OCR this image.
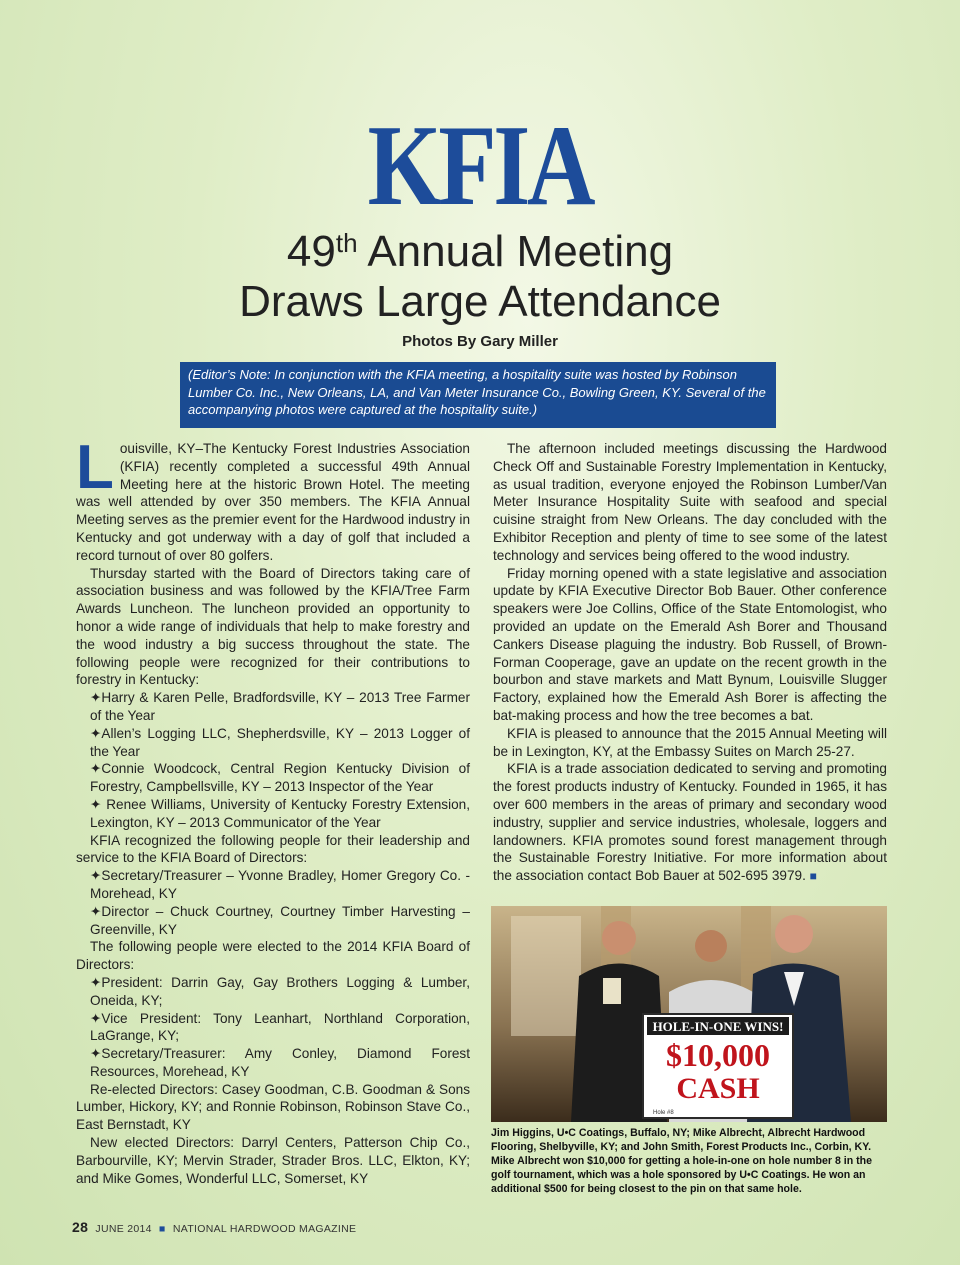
KFIA
49th Annual Meeting
Draws Large Attendance
Photos By Gary Miller
(Editor’s Note: In conjunction with the KFIA meeting, a hospitality suite was hosted by Robinson Lumber Co. Inc., New Orleans, LA, and Van Meter Insurance Co., Bowling Green, KY. Several of the accompanying photos were captured at the hospitality suite.)

Louisville, KY–The Kentucky Forest Industries Association (KFIA) recently completed a successful 49th Annual Meeting here at the historic Brown Hotel. The meeting was well attended by over 350 members. The KFIA Annual Meeting serves as the premier event for the Hardwood industry in Kentucky and got underway with a day of golf that included a record turnout of over 80 golfers.

Thursday started with the Board of Directors taking care of association business and was followed by the KFIA/Tree Farm Awards Luncheon. The luncheon provided an opportunity to honor a wide range of individuals that help to make forestry and the wood industry a big success throughout the state. The following people were recognized for their contributions to forestry in Kentucky:

✦Harry & Karen Pelle, Bradfordsville, KY – 2013 Tree Farmer of the Year

✦Allen’s Logging LLC, Shepherdsville, KY – 2013 Logger of the Year

✦Connie Woodcock, Central Region Kentucky Division of Forestry, Campbellsville, KY – 2013 Inspector of the Year

✦ Renee Williams, University of Kentucky Forestry Extension, Lexington, KY – 2013 Communicator of the Year

KFIA recognized the following people for their leadership and service to the KFIA Board of Directors:

✦Secretary/Treasurer – Yvonne Bradley, Homer Gregory Co. - Morehead, KY

✦Director – Chuck Courtney, Courtney Timber Harvesting – Greenville, KY

The following people were elected to the 2014 KFIA Board of Directors:

✦President: Darrin Gay, Gay Brothers Logging & Lumber, Oneida, KY;

✦Vice President: Tony Leanhart, Northland Corporation, LaGrange, KY;

✦Secretary/Treasurer: Amy Conley, Diamond Forest Resources, Morehead, KY

Re-elected Directors: Casey Goodman, C.B. Goodman & Sons Lumber, Hickory, KY; and Ronnie Robinson, Robinson Stave Co., East Bernstadt, KY

New elected Directors: Darryl Centers, Patterson Chip Co., Barbourville, KY; Mervin Strader, Strader Bros. LLC, Elkton, KY; and Mike Gomes, Wonderful LLC, Somerset, KY

The afternoon included meetings discussing the Hardwood Check Off and Sustainable Forestry Implementation in Kentucky, as usual tradition, everyone enjoyed the Robinson Lumber/Van Meter Insurance Hospitality Suite with seafood and special cuisine straight from New Orleans. The day concluded with the Exhibitor Reception and plenty of time to see some of the latest technology and services being offered to the wood industry.

Friday morning opened with a state legislative and association update by KFIA Executive Director Bob Bauer. Other conference speakers were Joe Collins, Office of the State Entomologist, who provided an update on the Emerald Ash Borer and Thousand Cankers Disease plaguing the industry. Bob Russell, of Brown-Forman Cooperage, gave an update on the recent growth in the bourbon and stave markets and Matt Bynum, Louisville Slugger Factory, explained how the Emerald Ash Borer is affecting the bat-making process and how the tree becomes a bat.

KFIA is pleased to announce that the 2015 Annual Meeting will be in Lexington, KY, at the Embassy Suites on March 25-27.

KFIA is a trade association dedicated to serving and promoting the forest products industry of Kentucky. Founded in 1965, it has over 600 members in the areas of primary and secondary wood industry, supplier and service industries, wholesale, loggers and landowners. KFIA promotes sound forest management through the Sustainable Forestry Initiative. For more information about the association contact Bob Bauer at 502-695 3979. ■

HOLE-IN-ONE WINS!
$10,000
CASH
Hole #8
Jim Higgins, U•C Coatings, Buffalo, NY; Mike Albrecht, Albrecht Hardwood Flooring, Shelbyville, KY; and John Smith, Forest Products Inc., Corbin, KY. Mike Albrecht won $10,000 for getting a hole-in-one on hole number 8 in the golf tournament, which was a hole sponsored by U•C Coatings. He won an additional $500 for being closest to the pin on that same hole.
28 JUNE 2014 ■ NATIONAL HARDWOOD MAGAZINE
